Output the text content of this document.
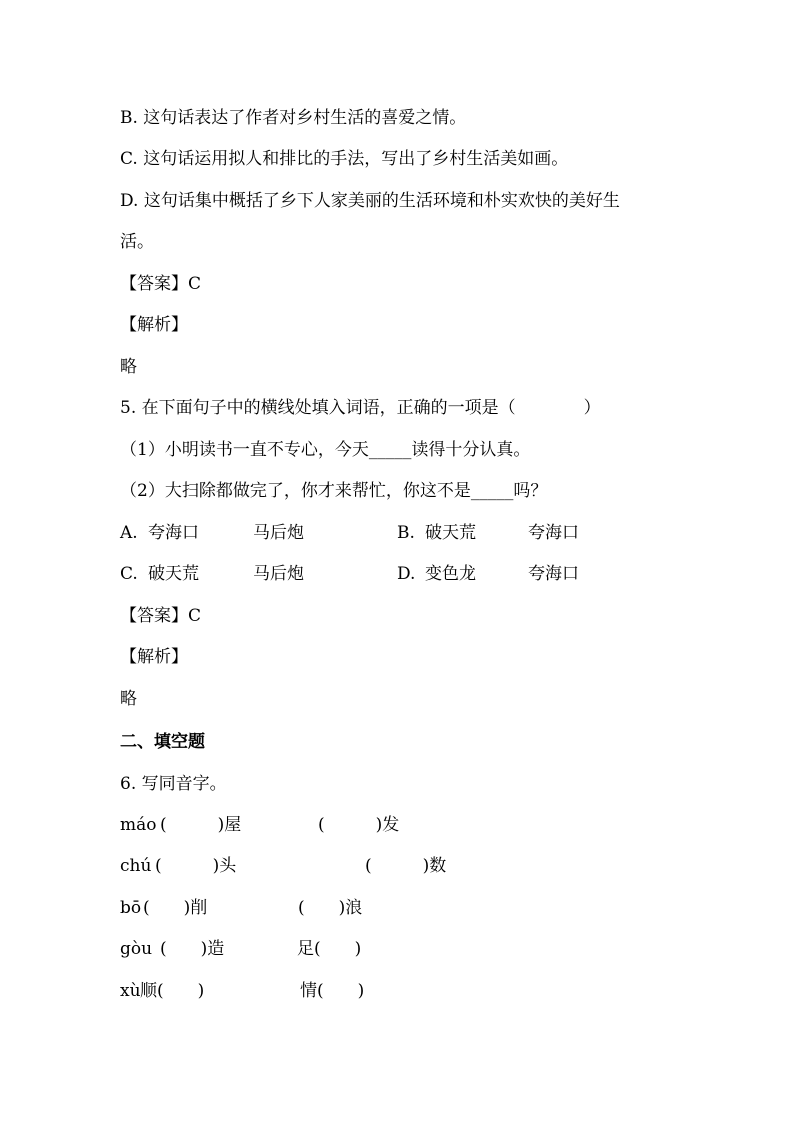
B. 这句话表达了作者对乡村生活的喜爱之情。
C. 这句话运用拟人和排比的手法，写出了乡村生活美如画。
D. 这句话集中概括了乡下人家美丽的生活环境和朴实欢快的美好生
活。
【答案】C
【解析】
略
5. 在下面句子中的横线处填入词语，正确的一项是（　　　　）
（1）小明读书一直不专心，今天_____读得十分认真。
（2）大扫除都做完了，你才来帮忙，你这不是_____吗？
A. 夸海口	马后炮	B. 破天荒	夸海口
C. 破天荒	马后炮	D. 变色龙	夸海口
【答案】C
【解析】
略
二、填空题
6. 写同音字。
máo (　　　)屋	(　　　)发
chú (　　　)头	(　　　)数
bō (　　)削	(　　)浪
gòu (　　)造	足(　　)
xù 顺(　　)	情(　　)
